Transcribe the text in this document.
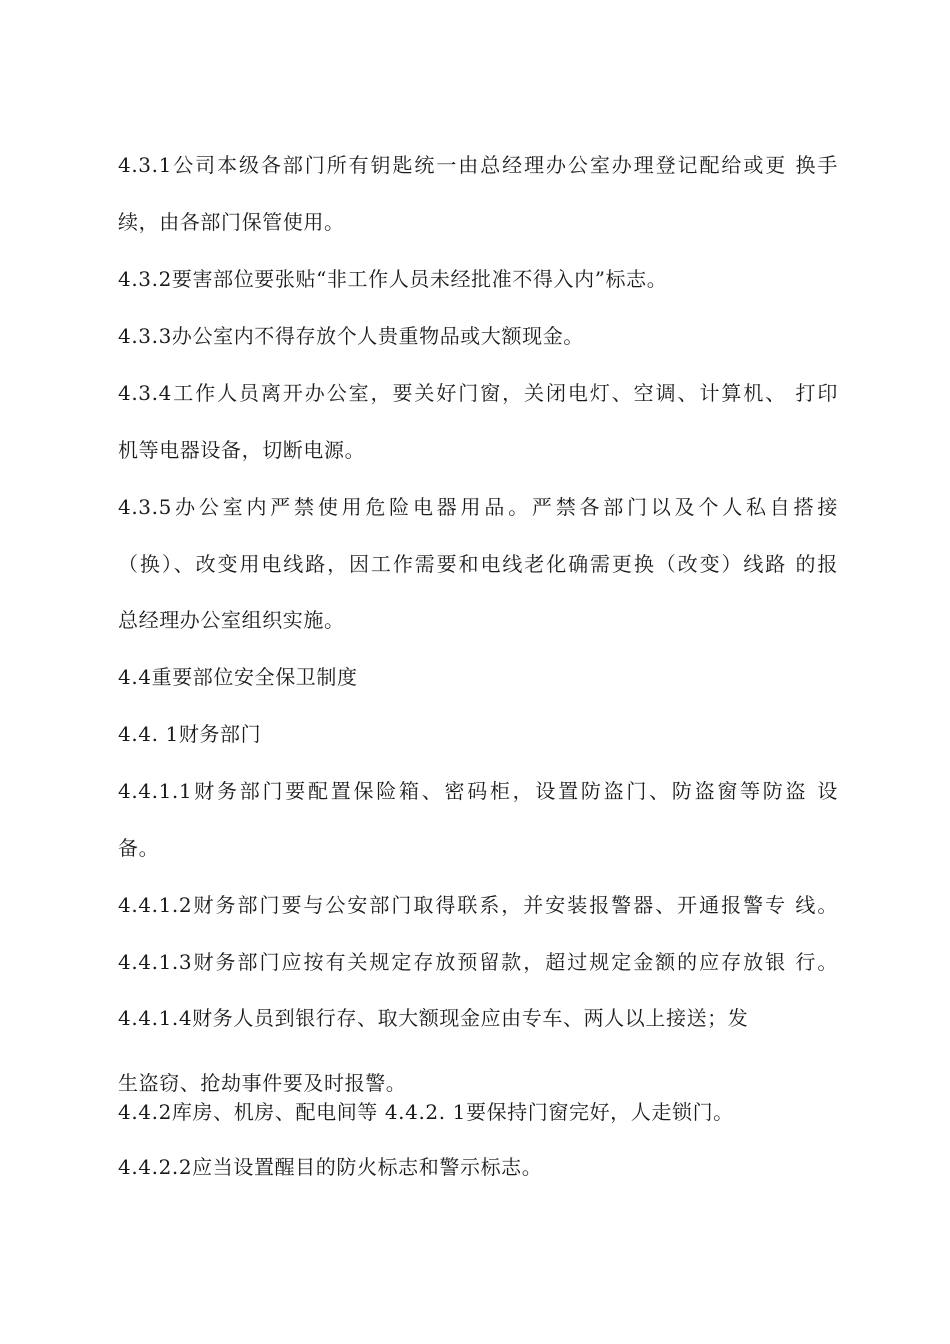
4.3.1公司本级各部门所有钥匙统一由总经理办公室办理登记配给或更 换手
续，由各部门保管使用。
4.3.2要害部位要张贴“非工作人员未经批准不得入内”标志。
4.3.3办公室内不得存放个人贵重物品或大额现金。
4.3.4工作人员离开办公室，要关好门窗，关闭电灯、空调、计算机、 打印
机等电器设备，切断电源。
4.3.5办公室内严禁使用危险电器用品。严禁各部门以及个人私自搭接
（换）、改变用电线路，因工作需要和电线老化确需更换（改变）线路 的报
总经理办公室组织实施。
4.4重要部位安全保卫制度
4.4. 1财务部门
4.4.1.1财务部门要配置保险箱、密码柜，设置防盗门、防盗窗等防盗 设
备。
4.4.1.2财务部门要与公安部门取得联系，并安装报警器、开通报警专 线。
4.4.1.3财务部门应按有关规定存放预留款，超过规定金额的应存放银 行。
4.4.1.4财务人员到银行存、取大额现金应由专车、两人以上接送；发
生盗窃、抢劫事件要及时报警。
4.4.2库房、机房、配电间等 4.4.2. 1要保持门窗完好，人走锁门。
4.4.2.2应当设置醒目的防火标志和警示标志。
